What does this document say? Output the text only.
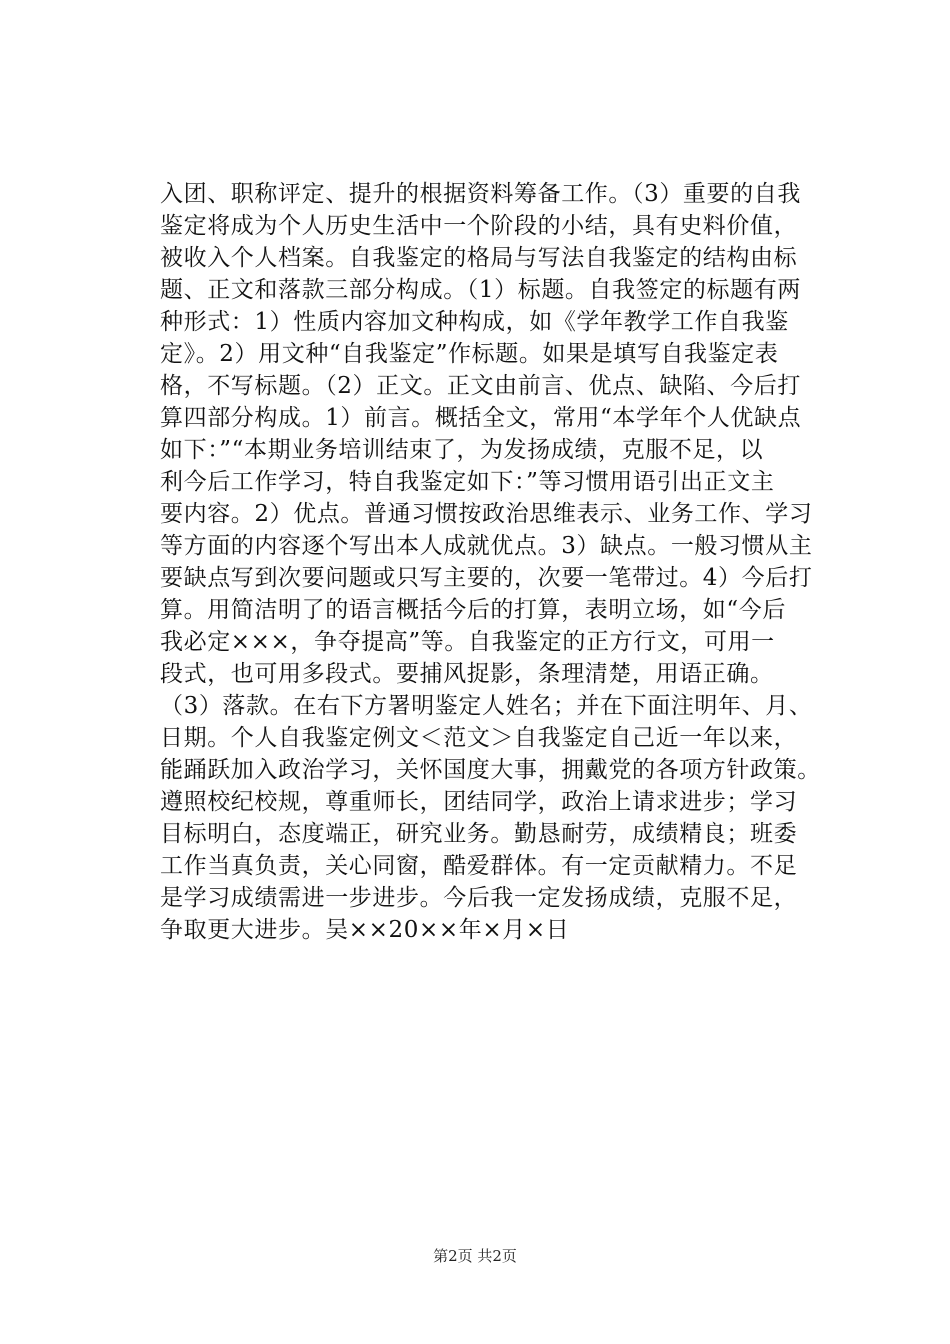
入团、职称评定、提升的根据资料筹备工作。（3）重要的自我
鉴定将成为个人历史生活中一个阶段的小结，具有史料价值，
被收入个人档案。自我鉴定的格局与写法自我鉴定的结构由标
题、正文和落款三部分构成。（1）标题。自我签定的标题有两
种形式：1）性质内容加文种构成，如《学年教学工作自我鉴
定》。2）用文种“自我鉴定”作标题。如果是填写自我鉴定表
格，不写标题。（2）正文。正文由前言、优点、缺陷、今后打
算四部分构成。1）前言。概括全文，常用“本学年个人优缺点
如下：”“本期业务培训结束了，为发扬成绩，克服不足，以
利今后工作学习，特自我鉴定如下：”等习惯用语引出正文主
要内容。2）优点。普通习惯按政治思维表示、业务工作、学习
等方面的内容逐个写出本人成就优点。3）缺点。一般习惯从主
要缺点写到次要问题或只写主要的，次要一笔带过。4）今后打
算。用简洁明了的语言概括今后的打算，表明立场，如“今后
我必定×××，争夺提高”等。自我鉴定的正方行文，可用一
段式，也可用多段式。要捕风捉影，条理清楚，用语正确。
（3）落款。在右下方署明鉴定人姓名；并在下面注明年、月、
日期。个人自我鉴定例文＜范文＞自我鉴定自己近一年以来，
能踊跃加入政治学习，关怀国度大事，拥戴党的各项方针政策。
遵照校纪校规，尊重师长，团结同学，政治上请求进步；学习
目标明白，态度端正，研究业务。勤恳耐劳，成绩精良；班委
工作当真负责，关心同窗，酷爱群体。有一定贡献精力。不足
是学习成绩需进一步进步。今后我一定发扬成绩，克服不足，
争取更大进步。吴××20××年×月×日
第2页 共2页
